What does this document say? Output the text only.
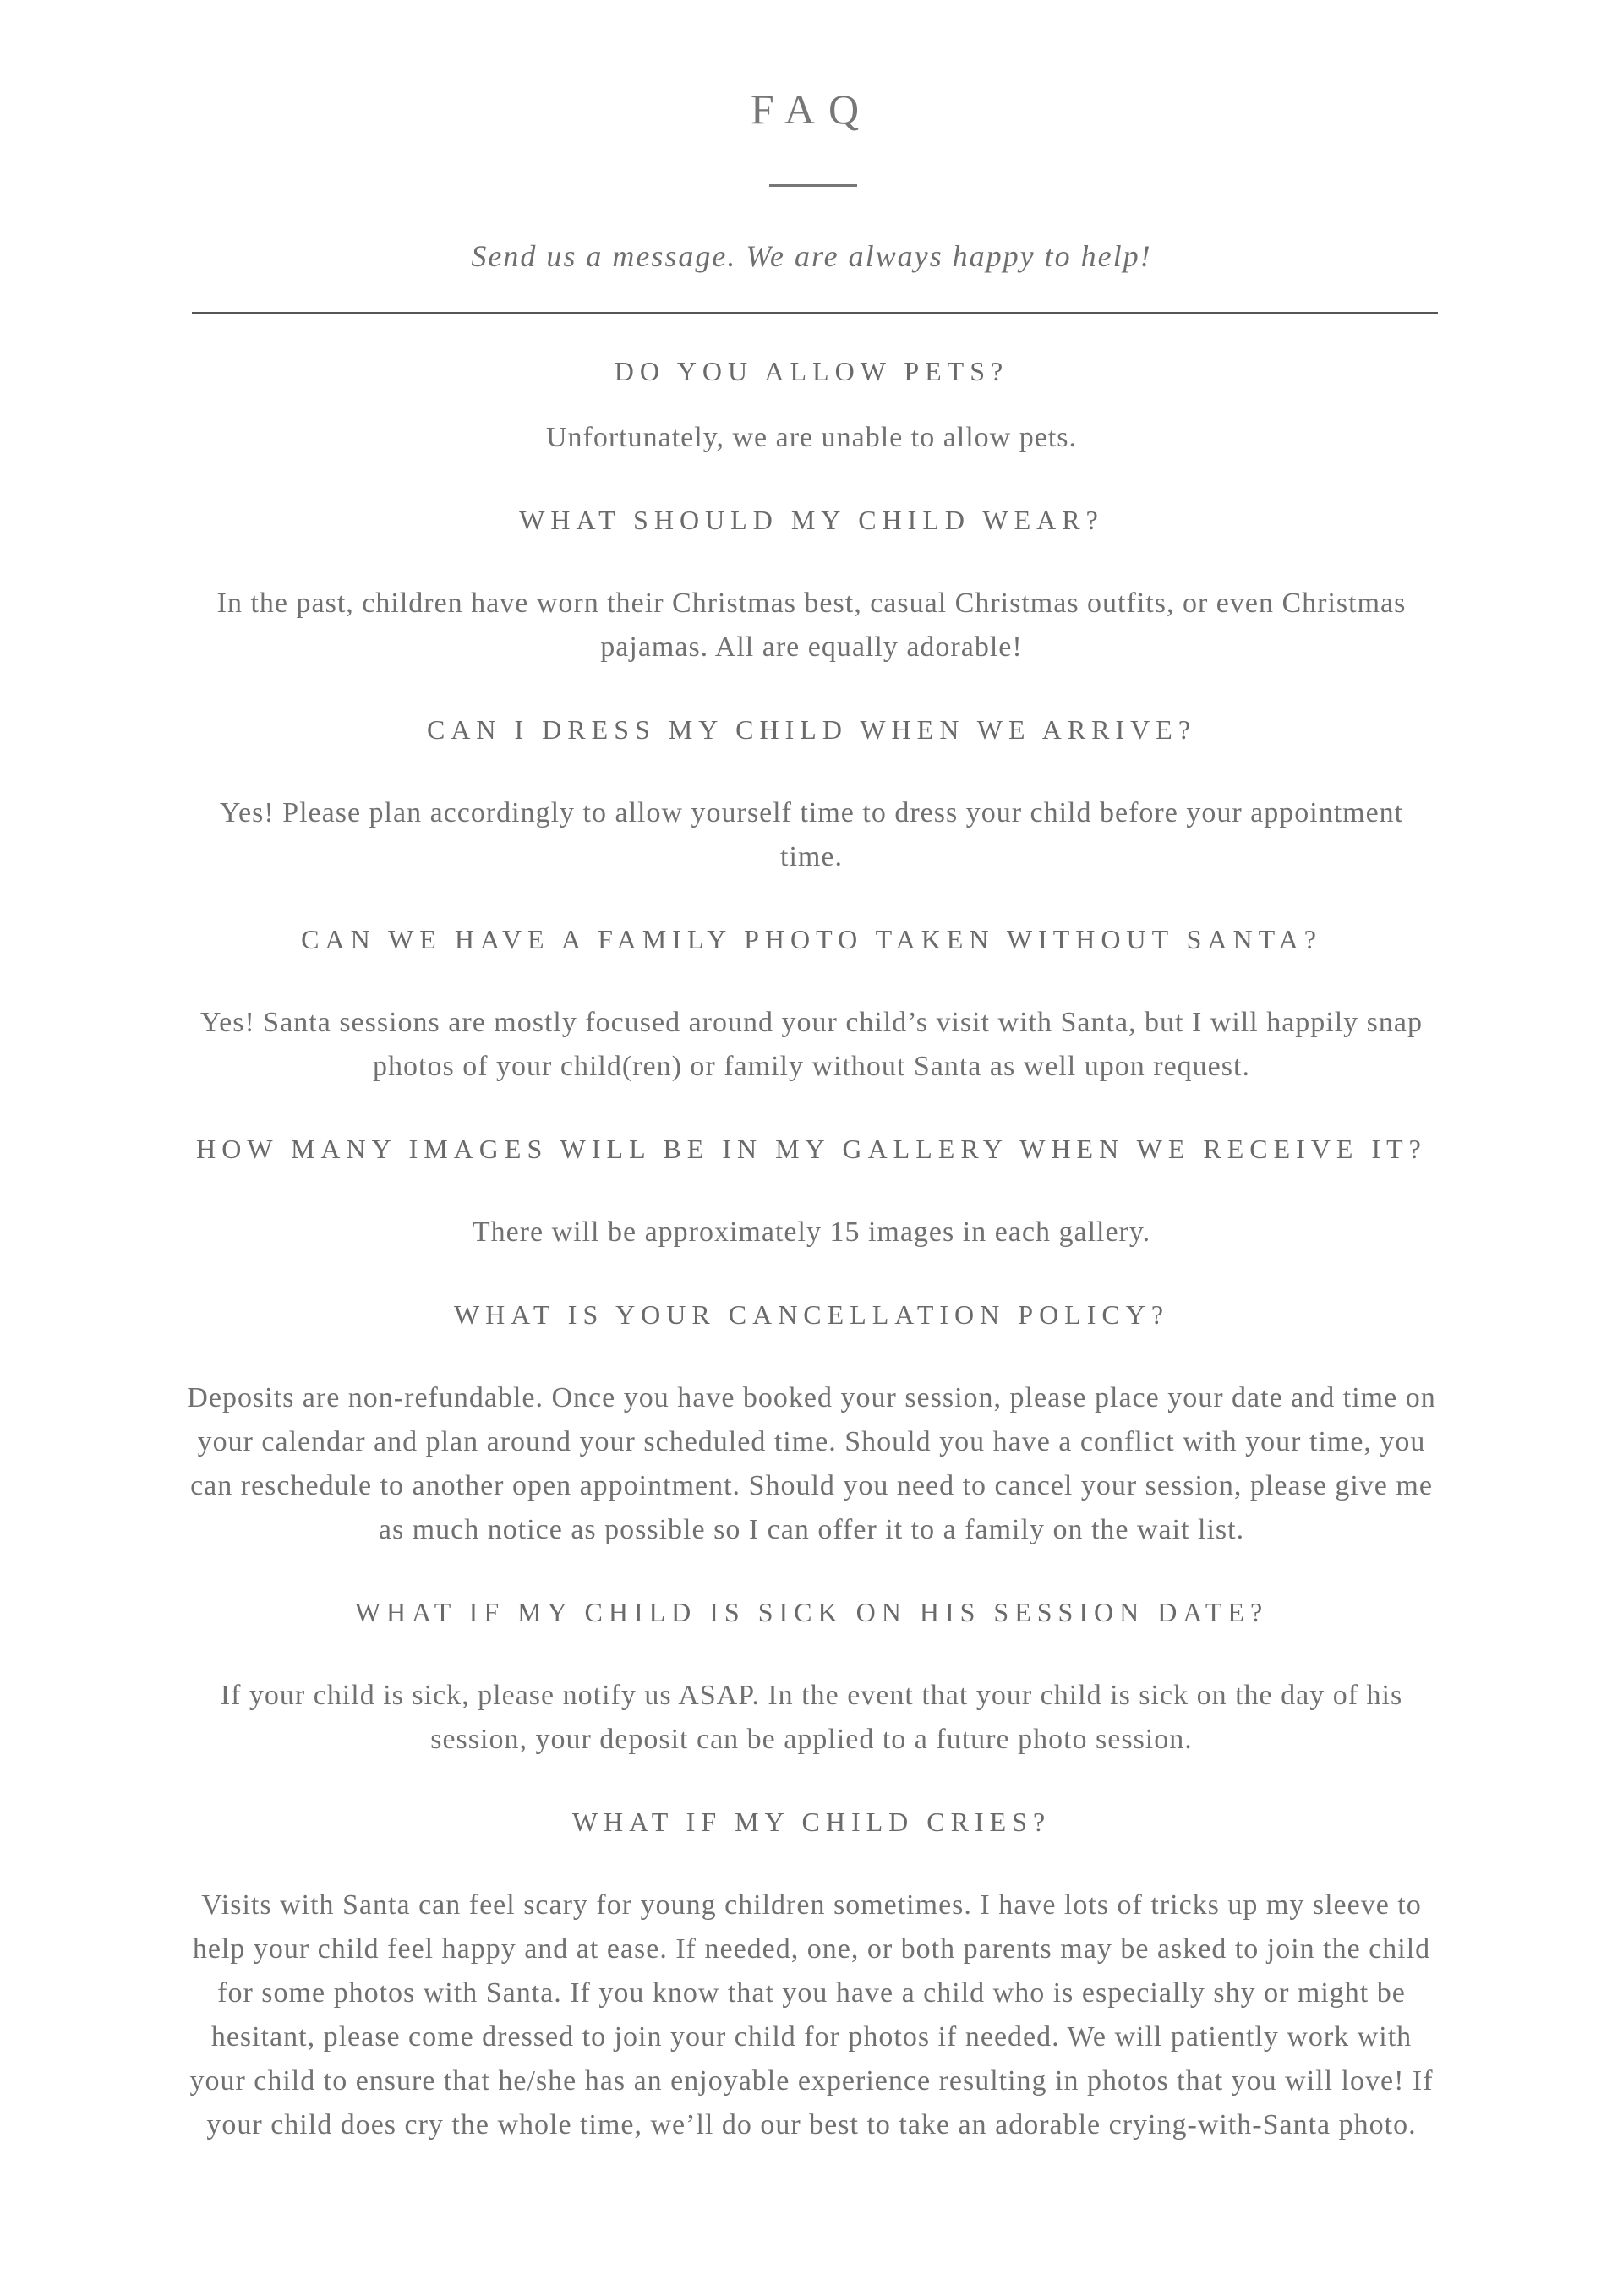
FAQ

Send us a message. We are always happy to help!

DO YOU ALLOW PETS?

Unfortunately, we are unable to allow pets.

WHAT SHOULD MY CHILD WEAR?

In the past, children have worn their Christmas best, casual Christmas outfits, or even Christmas pajamas. All are equally adorable!

CAN I DRESS MY CHILD WHEN WE ARRIVE?

Yes! Please plan accordingly to allow yourself time to dress your child before your appointment time.

CAN WE HAVE A FAMILY PHOTO TAKEN WITHOUT SANTA?

Yes! Santa sessions are mostly focused around your child’s visit with Santa, but I will happily snap photos of your child(ren) or family without Santa as well upon request.

HOW MANY IMAGES WILL BE IN MY GALLERY WHEN WE RECEIVE IT?

There will be approximately 15 images in each gallery.

WHAT IS YOUR CANCELLATION POLICY?

Deposits are non-refundable. Once you have booked your session, please place your date and time on your calendar and plan around your scheduled time. Should you have a conflict with your time, you can reschedule to another open appointment. Should you need to cancel your session, please give me as much notice as possible so I can offer it to a family on the wait list.

WHAT IF MY CHILD IS SICK ON HIS SESSION DATE?

If your child is sick, please notify us ASAP. In the event that your child is sick on the day of his session, your deposit can be applied to a future photo session.

WHAT IF MY CHILD CRIES?

Visits with Santa can feel scary for young children sometimes. I have lots of tricks up my sleeve to help your child feel happy and at ease. If needed, one, or both parents may be asked to join the child for some photos with Santa. If you know that you have a child who is especially shy or might be hesitant, please come dressed to join your child for photos if needed. We will patiently work with your child to ensure that he/she has an enjoyable experience resulting in photos that you will love! If your child does cry the whole time, we’ll do our best to take an adorable crying-with-Santa photo.
